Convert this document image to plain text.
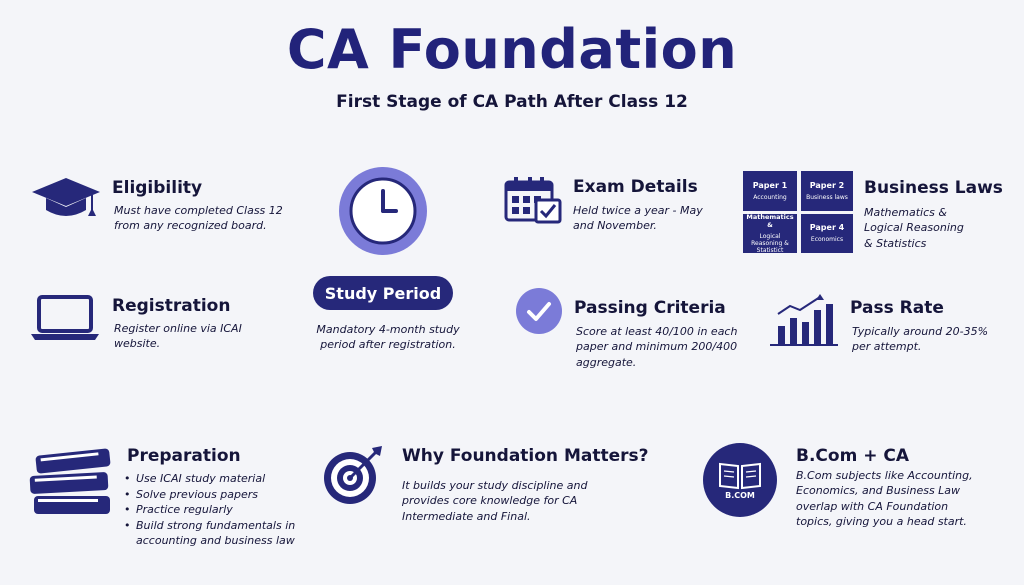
CA Foundation
First Stage of CA Path After Class 12
Eligibility
Must have completed Class 12
from any recognized board.
Study Period
Mandatory 4-month study
period after registration.
Exam Details
Held twice a year - May
and November.
Paper 1
Accounting
Paper 2
Business laws
Mathematics &
Logical Reasoning & Statistict
Paper 4
Economics
Business Laws
Mathematics &
Logical Reasoning
& Statistics
Registration
Register online via ICAI
website.
Passing Criteria
Score at least 40/100 in each
paper and minimum 200/400
aggregate.
Pass Rate
Typically around 20-35%
per attempt.
Preparation
• Use ICAI study material
• Solve previous papers
• Practice regularly
• Build strong fundamentals in accounting and business law
Why Foundation Matters?
It builds your study discipline and
provides core knowledge for CA
Intermediate and Final.
B.COM
B.Com + CA
B.Com subjects like Accounting,
Economics, and Business Law
overlap with CA Foundation
topics, giving you a head start.
